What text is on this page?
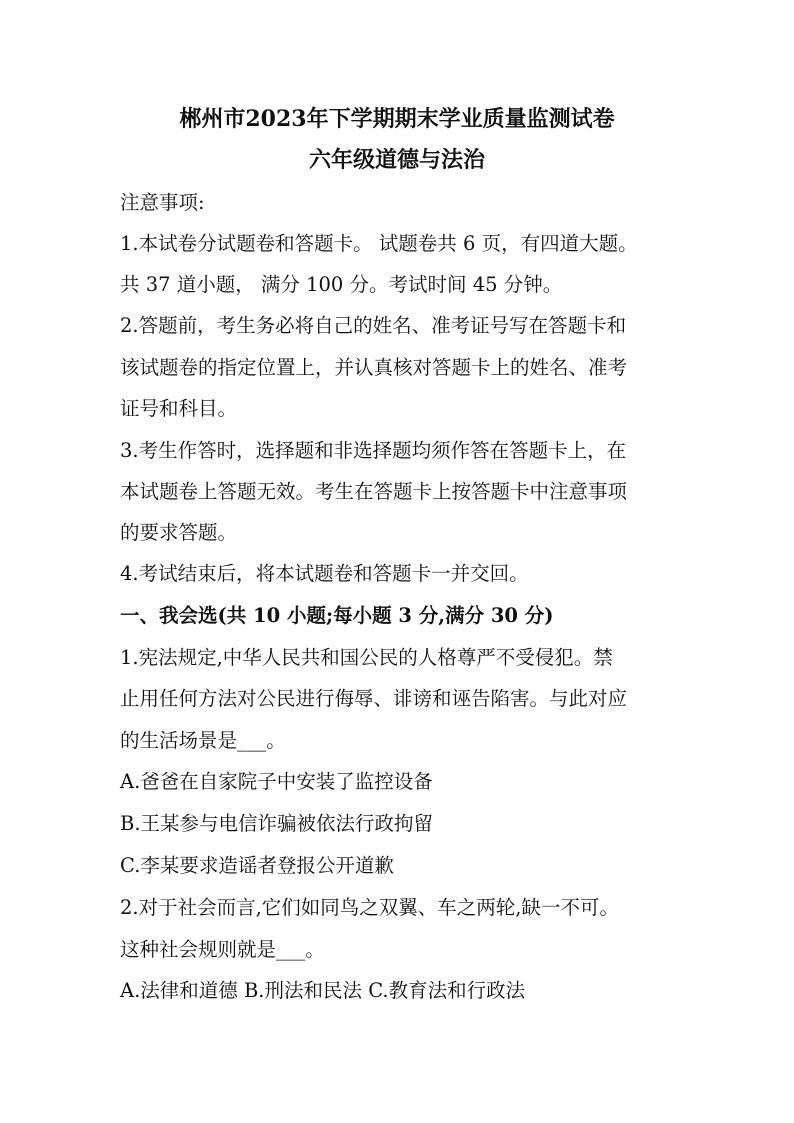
郴州市2023年下学期期末学业质量监测试卷
六年级道德与法治
注意事项:
1.本试卷分试题卷和答题卡。 试题卷共 6 页，有四道大题。
共 37 道小题， 满分 100 分。考试时间 45 分钟。
2.答题前，考生务必将自己的姓名、准考证号写在答题卡和
该试题卷的指定位置上，并认真核对答题卡上的姓名、准考
证号和科目。
3.考生作答时，选择题和非选择题均须作答在答题卡上，在
本试题卷上答题无效。考生在答题卡上按答题卡中注意事项
的要求答题。
4.考试结束后，将本试题卷和答题卡一并交回。
一、我会选(共 10 小题;每小题 3 分,满分 30 分)
1.宪法规定,中华人民共和国公民的人格尊严不受侵犯。禁
止用任何方法对公民进行侮辱、诽谤和诬告陷害。与此对应
的生活场景是___。
A.爸爸在自家院子中安装了监控设备
B.王某参与电信诈骗被依法行政拘留
C.李某要求造谣者登报公开道歉
2.对于社会而言,它们如同鸟之双翼、车之两轮,缺一不可。
这种社会规则就是___。
A.法律和道德 B.刑法和民法 C.教育法和行政法
